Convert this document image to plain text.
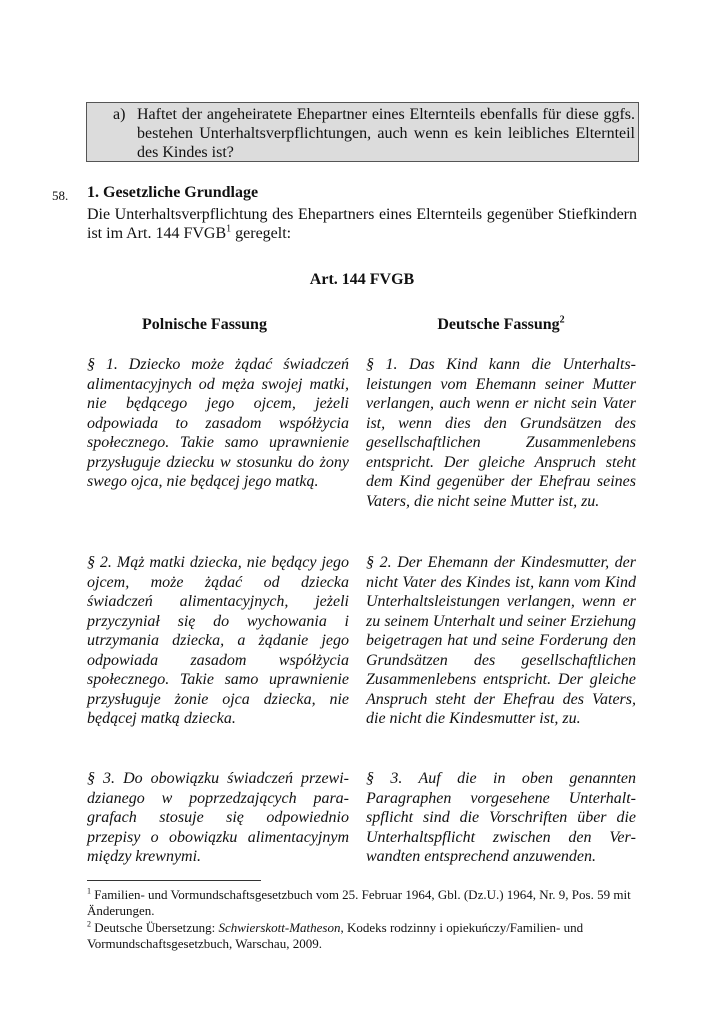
a) Haftet der angeheiratete Ehepartner eines Elternteils ebenfalls für diese ggfs. bestehen Unterhaltsverpflichtungen, auch wenn es kein leibliches Elternteil des Kindes ist?
58. 1. Gesetzliche Grundlage
Die Unterhaltsverpflichtung des Ehepartners eines Elternteils gegenüber Stiefkindern ist im Art. 144 FVGB$^1$ geregelt:
Art. 144 FVGB
Polnische Fassung	Deutsche Fassung$^2$
§ 1. Dziecko może żądać świadczeń alimentacyjnych od męża swojej matki, nie będącego jego ojcem, jeżeli odpowiada to zasadom współżycia społecznego. Takie samo uprawnienie przysługuje dziecku w stosunku do żony swego ojca, nie będącej jego matką.
§ 1. Das Kind kann die Unterhaltsleistungen vom Ehemann seiner Mutter verlangen, auch wenn er nicht sein Vater ist, wenn dies den Grundsätzen des gesellschaftlichen Zusammenlebens entspricht. Der gleiche Anspruch steht dem Kind gegenüber der Ehefrau seines Vaters, die nicht seine Mutter ist, zu.
§ 2. Mąż matki dziecka, nie będący jego ojcem, może żądać od dziecka świadczeń alimentacyjnych, jeżeli przyczyniał się do wychowania i utrzymania dziecka, a żądanie jego odpowiada zasadom współżycia społecznego. Takie samo uprawnienie przysługuje żonie ojca dziecka, nie będącej matką dziecka.
§ 2. Der Ehemann der Kindesmutter, der nicht Vater des Kindes ist, kann vom Kind Unterhaltsleistungen verlangen, wenn er zu seinem Unterhalt und seiner Erziehung beigetragen hat und seine Forderung den Grundsätzen des gesellschaftlichen Zusammenlebens entspricht. Der gleiche Anspruch steht der Ehefrau des Vaters, die nicht die Kindesmutter ist, zu.
§ 3. Do obowiązku świadczeń przewidzianego w poprzedzających paragrafach stosuje się odpowiednio przepisy o obowiązku alimentacyjnym między krewnymi.
§ 3. Auf die in oben genannten Paragraphen vorgesehene Unterhaltspflicht sind die Vorschriften über die Unterhaltspflicht zwischen den Verwandten entsprechend anzuwenden.
$^1$ Familien- und Vormundschaftsgesetzbuch vom 25. Februar 1964, Gbl. (Dz.U.) 1964, Nr. 9, Pos. 59 mit Änderungen.
$^2$ Deutsche Übersetzung: Schwierskott-Matheson, Kodeks rodzinny i opiekuńczy/Familien- und Vormundschaftsgesetzbuch, Warschau, 2009.
